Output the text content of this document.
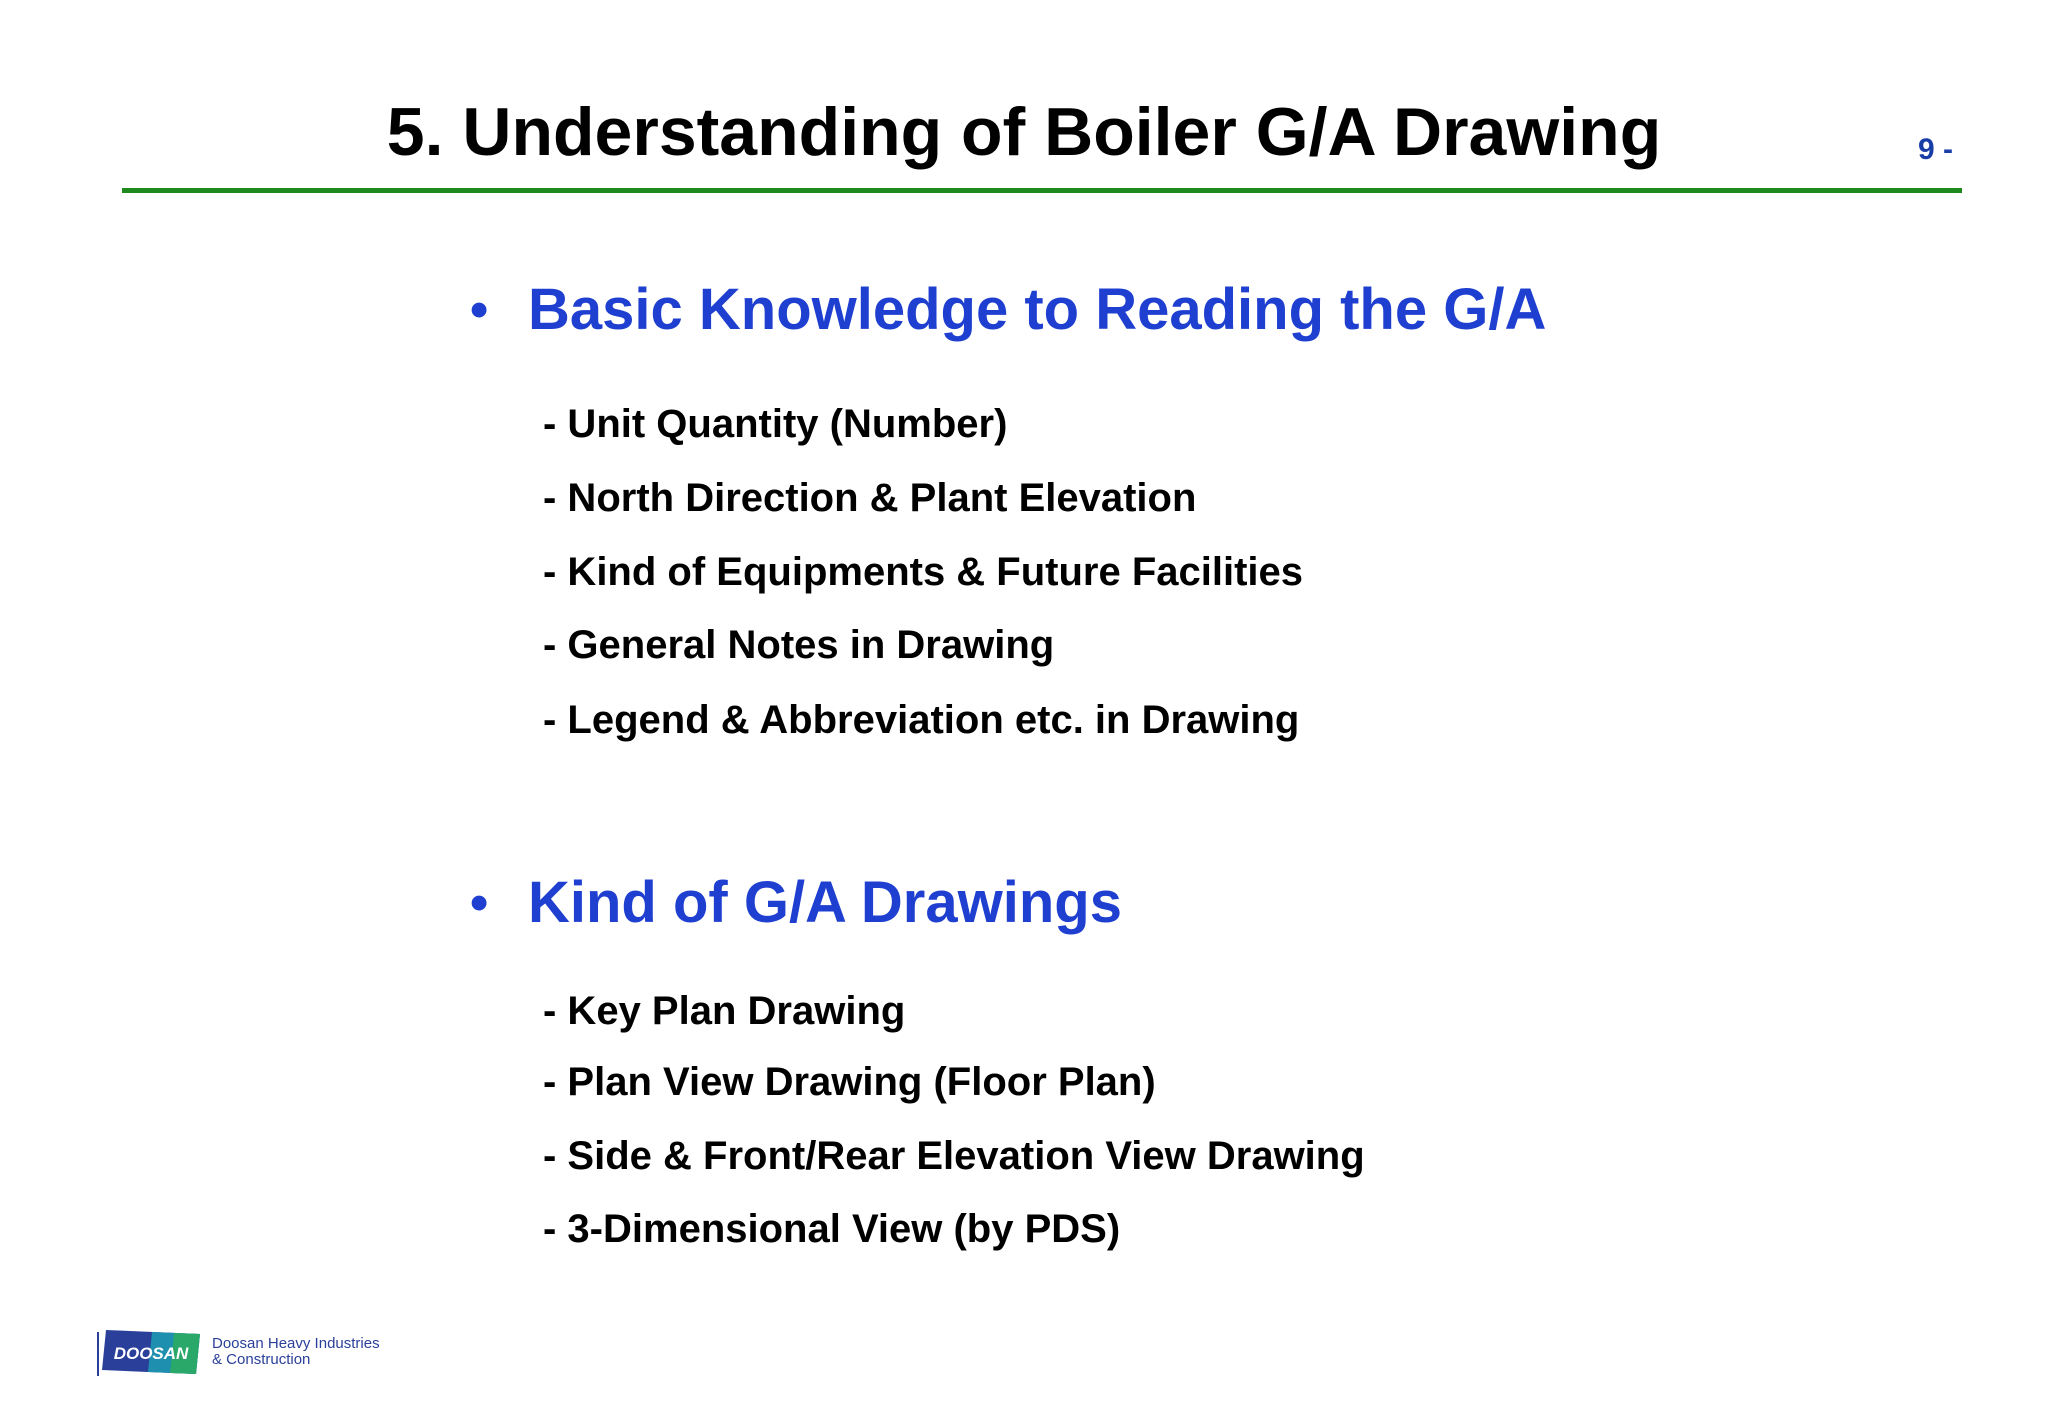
5. Understanding of Boiler G/A Drawing	9 -
• Basic Knowledge to Reading the G/A
- Unit Quantity (Number)
- North Direction & Plant Elevation
- Kind of Equipments & Future Facilities
- General Notes in Drawing
- Legend & Abbreviation etc. in Drawing
• Kind of G/A Drawings
- Key Plan Drawing
- Plan View Drawing (Floor Plan)
- Side & Front/Rear Elevation View Drawing
- 3-Dimensional View (by PDS)
DOOSAN
Doosan Heavy Industries
& Construction
